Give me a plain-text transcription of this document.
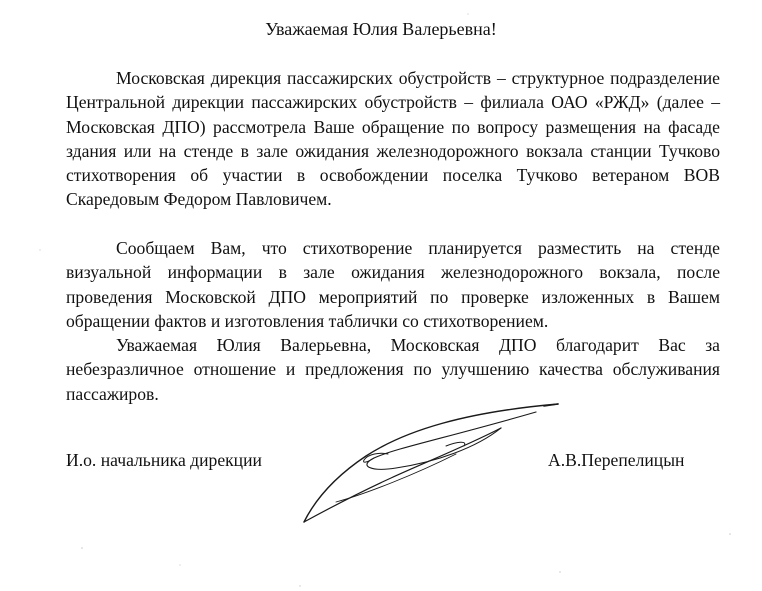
Уважаемая Юлия Валерьевна!

Московская дирекция пассажирских обустройств – структурное подразделение Центральной дирекции пассажирских обустройств – филиала ОАО «РЖД» (далее – Московская ДПО) рассмотрела Ваше обращение по вопросу размещения на фасаде здания или на стенде в зале ожидания железнодорожного вокзала станции Тучково стихотворения об участии в освобождении поселка Тучково ветераном ВОВ Скаредовым Федором Павловичем.

Сообщаем Вам, что стихотворение планируется разместить на стенде визуальной информации в зале ожидания железнодорожного вокзала, после проведения Московской ДПО мероприятий по проверке изложенных в Вашем обращении фактов и изготовления таблички со стихотворением.

Уважаемая Юлия Валерьевна, Московская ДПО благодарит Вас за небезразличное отношение и предложения по улучшению качества обслуживания пассажиров.

И.о. начальника дирекции	А.В.Перепелицын
